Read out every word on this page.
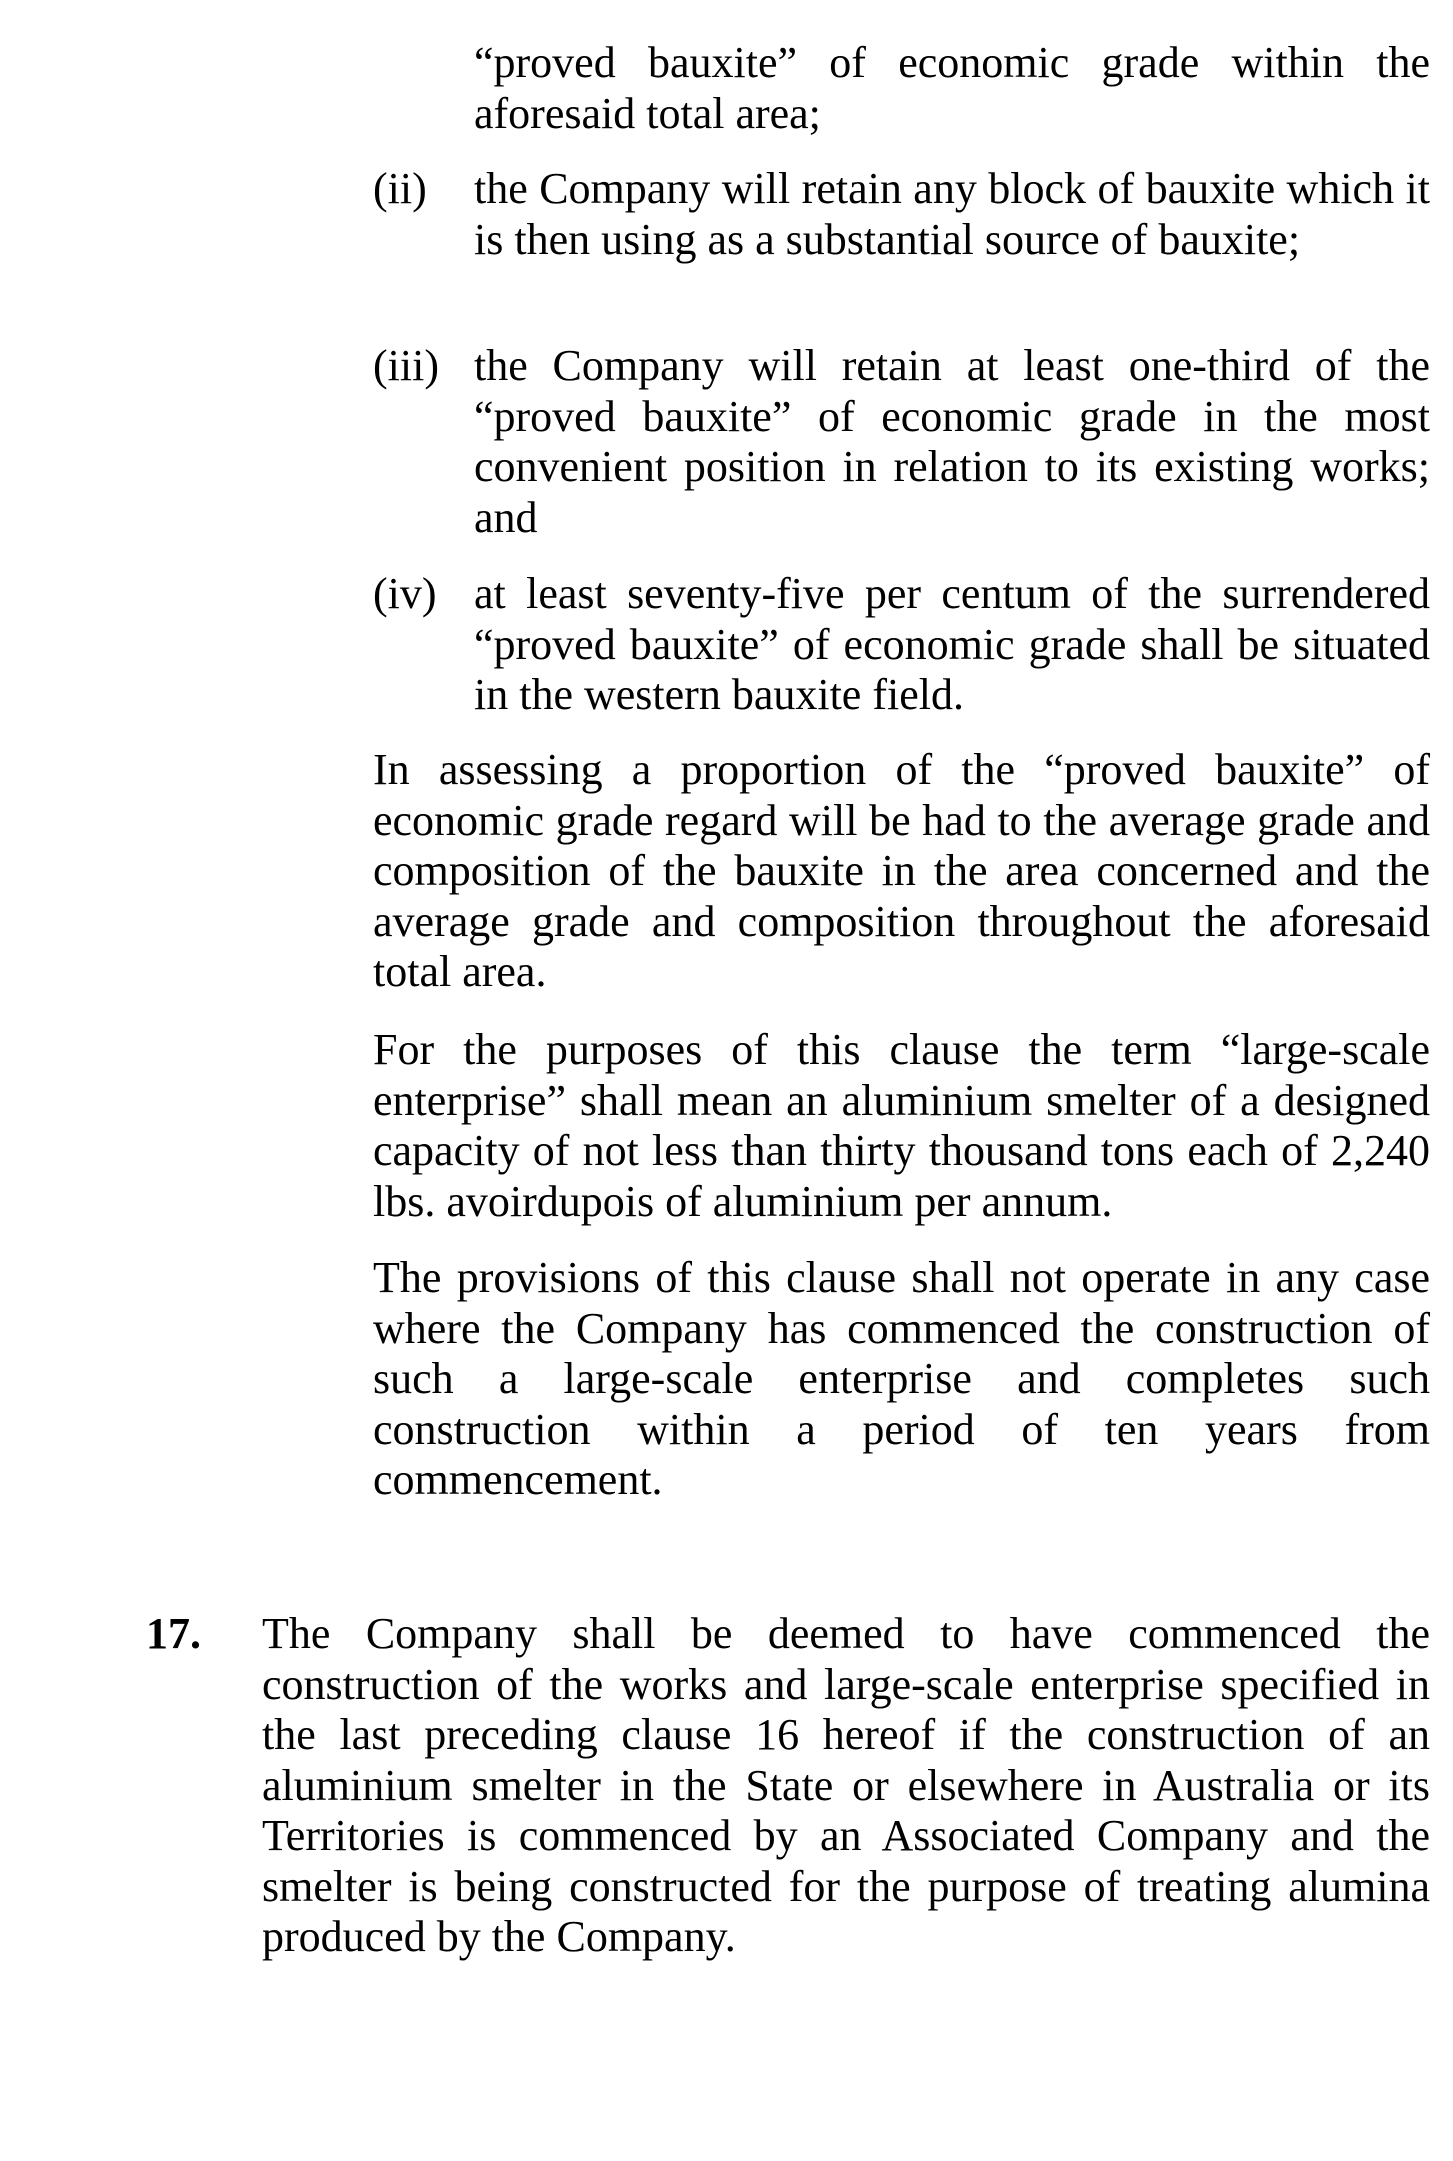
“proved bauxite” of economic grade within the aforesaid total area;
(ii)	the Company will retain any block of bauxite which it is then using as a substantial source of bauxite;
(iii) the Company will retain at least one-third of the “proved bauxite” of economic grade in the most convenient position in relation to its existing works; and
(iv) at least seventy-five per centum of the surrendered “proved bauxite” of economic grade shall be situated in the western bauxite field.
In assessing a proportion of the “proved bauxite” of economic grade regard will be had to the average grade and composition of the bauxite in the area concerned and the average grade and composition throughout the aforesaid total area.
For the purposes of this clause the term “large-scale enterprise” shall mean an aluminium smelter of a designed capacity of not less than thirty thousand tons each of 2,240 lbs. avoirdupois of aluminium per annum.
The provisions of this clause shall not operate in any case where the Company has commenced the construction of such a large-scale enterprise and completes such construction within a period of ten years from commencement.
17. The Company shall be deemed to have commenced the construction of the works and large-scale enterprise specified in the last preceding clause 16 hereof if the construction of an aluminium smelter in the State or elsewhere in Australia or its Territories is commenced by an Associated Company and the smelter is being constructed for the purpose of treating alumina produced by the Company.
